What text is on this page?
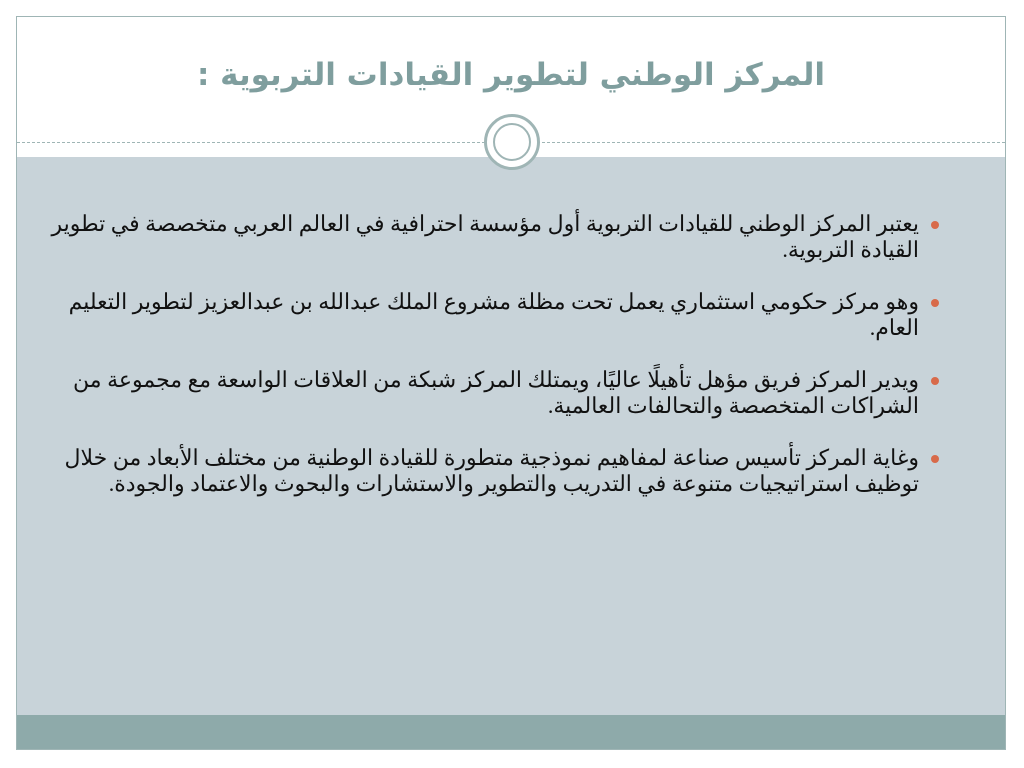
المركز الوطني لتطوير القيادات التربوية :
يعتبر المركز الوطني للقيادات التربوية أول مؤسسة احترافية في العالم العربي متخصصة في تطوير القيادة التربوية.
وهو مركز حكومي استثماري يعمل تحت مظلة مشروع الملك عبدالله بن عبدالعزيز لتطوير التعليم العام.
ويدير المركز فريق مؤهل تأهيلًا عاليًا، ويمتلك المركز شبكة من العلاقات الواسعة مع مجموعة من الشراكات المتخصصة والتحالفات العالمية.
وغاية المركز تأسيس صناعة لمفاهيم نموذجية متطورة للقيادة الوطنية من مختلف الأبعاد من خلال توظيف استراتيجيات متنوعة في التدريب والتطوير والاستشارات والبحوث والاعتماد والجودة.
